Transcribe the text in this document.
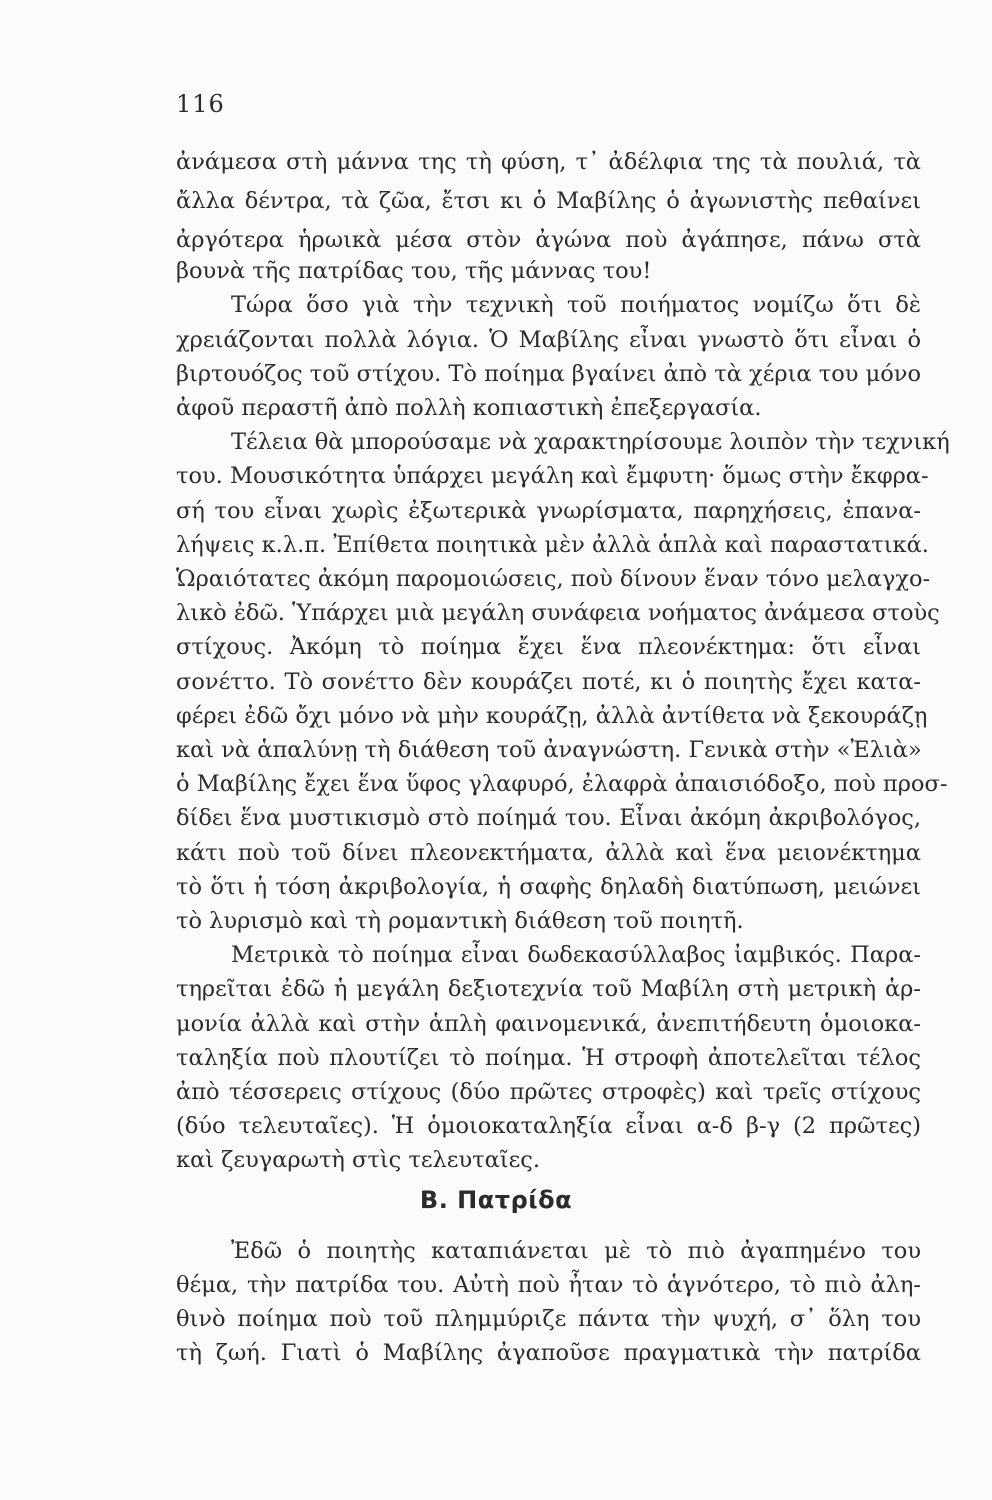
116
ἀνάμεσα στὴ μάννα της τὴ φύση, τ᾿ ἀδέλφια της τὰ πουλιά, τὰ
ἄλλα δέντρα, τὰ ζῶα, ἔτσι κι ὁ Μαβίλης ὁ ἀγωνιστὴς πεθαίνει
ἀργότερα ἡρωικὰ μέσα στὸν ἀγώνα ποὺ ἀγάπησε, πάνω στὰ
βουνὰ τῆς πατρίδας του, τῆς μάννας του!
Τώρα ὅσο γιὰ τὴν τεχνικὴ τοῦ ποιήματος νομίζω ὅτι δὲ
χρειάζονται πολλὰ λόγια. Ὁ Μαβίλης εἶναι γνωστὸ ὅτι εἶναι ὁ
βιρτουόζος τοῦ στίχου. Τὸ ποίημα βγαίνει ἀπὸ τὰ χέρια του μόνο
ἀφοῦ περαστῆ ἀπὸ πολλὴ κοπιαστικὴ ἐπεξεργασία.
Τέλεια θὰ μπορούσαμε νὰ χαρακτηρίσουμε λοιπὸν τὴν τεχνική
του. Μουσικότητα ὑπάρχει μεγάλη καὶ ἔμφυτη· ὅμως στὴν ἔκφρα-
σή του εἶναι χωρὶς ἐξωτερικὰ γνωρίσματα, παρηχήσεις, ἐπανα-
λήψεις κ.λ.π. Ἐπίθετα ποιητικὰ μὲν ἀλλὰ ἁπλὰ καὶ παραστατικά.
Ὡραιότατες ἀκόμη παρομοιώσεις, ποὺ δίνουν ἕναν τόνο μελαγχο-
λικὸ ἐδῶ. Ὑπάρχει μιὰ μεγάλη συνάφεια νοήματος ἀνάμεσα στοὺς
στίχους. Ἀκόμη τὸ ποίημα ἔχει ἕνα πλεονέκτημα: ὅτι εἶναι
σονέττο. Τὸ σονέττο δὲν κουράζει ποτέ, κι ὁ ποιητὴς ἔχει κατα-
φέρει ἐδῶ ὄχι μόνο νὰ μὴν κουράζῃ, ἀλλὰ ἀντίθετα νὰ ξεκουράζῃ
καὶ νὰ ἁπαλύνῃ τὴ διάθεση τοῦ ἀναγνώστη. Γενικὰ στὴν «Ἐλιὰ»
ὁ Μαβίλης ἔχει ἕνα ὕφος γλαφυρό, ἐλαφρὰ ἀπαισιόδοξο, ποὺ προσ-
δίδει ἕνα μυστικισμὸ στὸ ποίημά του. Εἶναι ἀκόμη ἀκριβολόγος,
κάτι ποὺ τοῦ δίνει πλεονεκτήματα, ἀλλὰ καὶ ἕνα μειονέκτημα
τὸ ὅτι ἡ τόση ἀκριβολογία, ἡ σαφὴς δηλαδὴ διατύπωση, μειώνει
τὸ λυρισμὸ καὶ τὴ ρομαντικὴ διάθεση τοῦ ποιητῆ.
Μετρικὰ τὸ ποίημα εἶναι δωδεκασύλλαβος ἰαμβικός. Παρα-
τηρεῖται ἐδῶ ἡ μεγάλη δεξιοτεχνία τοῦ Μαβίλη στὴ μετρικὴ ἁρ-
μονία ἀλλὰ καὶ στὴν ἁπλὴ φαινομενικά, ἀνεπιτήδευτη ὁμοιοκα-
ταληξία ποὺ πλουτίζει τὸ ποίημα. Ἡ στροφὴ ἀποτελεῖται τέλος
ἀπὸ τέσσερεις στίχους (δύο πρῶτες στροφὲς) καὶ τρεῖς στίχους
(δύο τελευταῖες). Ἡ ὁμοιοκαταληξία εἶναι α-δ β-γ (2 πρῶτες)
καὶ ζευγαρωτὴ στὶς τελευταῖες.
Β. Πατρίδα
Ἐδῶ ὁ ποιητὴς καταπιάνεται μὲ τὸ πιὸ ἀγαπημένο του
θέμα, τὴν πατρίδα του. Αὐτὴ ποὺ ἦταν τὸ ἁγνότερο, τὸ πιὸ ἀλη-
θινὸ ποίημα ποὺ τοῦ πλημμύριζε πάντα τὴν ψυχή, σ᾿ ὅλη του
τὴ ζωή. Γιατὶ ὁ Μαβίλης ἀγαποῦσε πραγματικὰ τὴν πατρίδα
